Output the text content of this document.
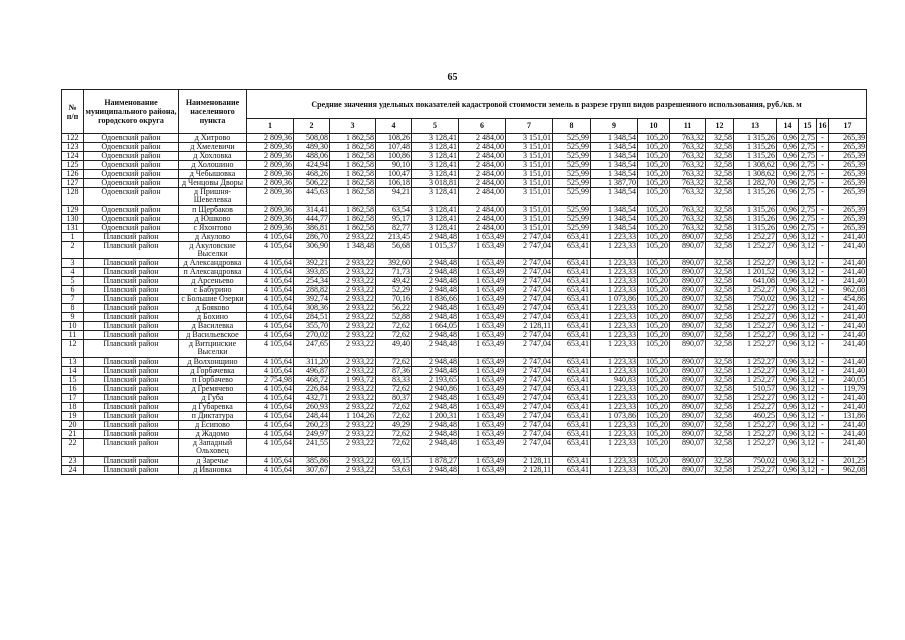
65
№
п/п	Наименование муниципального района, городского округа	Наименование населенного пункта	Средние значения удельных показателей кадастровой стоимости земель в разрезе групп видов разрешенного использования, руб./кв. м																
			1	2	3	4	5	6	7	8	9	10	11	12	13	14	15	16	17
122	Одоевский район	д Хитрово	2 809,36	508,08	1 862,58	108,26	3 128,41	2 484,00	3 151,01	525,99	1 348,54	105,20	763,32	32,58	1 315,26	0,96	2,75	-	265,39
123	Одоевский район	д Хмелевичи	2 809,36	489,30	1 862,58	107,48	3 128,41	2 484,00	3 151,01	525,99	1 348,54	105,20	763,32	32,58	1 315,26	0,96	2,75	-	265,39
124	Одоевский район	д Хохловка	2 809,36	488,06	1 862,58	100,86	3 128,41	2 484,00	3 151,01	525,99	1 348,54	105,20	763,32	32,58	1 315,26	0,96	2,75	-	265,39
125	Одоевский район	д Холошино	2 809,36	424,94	1 862,58	90,10	3 128,41	2 484,00	3 151,01	525,99	1 348,54	105,20	763,32	32,58	1 308,62	0,96	2,75	-	265,39
126	Одоевский район	д Чебышовка	2 809,36	468,26	1 862,58	100,47	3 128,41	2 484,00	3 151,01	525,99	1 348,54	105,20	763,32	32,58	1 308,62	0,96	2,75	-	265,39
127	Одоевский район	д Ченцовы Дворы	2 809,36	506,22	1 862,58	106,18	3 018,81	2 484,00	3 151,01	525,99	1 387,70	105,20	763,32	32,58	1 282,70	0,96	2,75	-	265,39
128	Одоевский район	д Пришня-Шевелевка	2 809,36	445,63	1 862,58	94,21	3 128,41	2 484,00	3 151,01	525,99	1 348,54	105,20	763,32	32,58	1 315,26	0,96	2,75	-	265,39
129	Одоевский район	п Щербаков	2 809,36	314,41	1 862,58	63,54	3 128,41	2 484,00	3 151,01	525,99	1 348,54	105,20	763,32	32,58	1 315,26	0,96	2,75	-	265,39
130	Одоевский район	д Юшково	2 809,36	444,77	1 862,58	95,17	3 128,41	2 484,00	3 151,01	525,99	1 348,54	105,20	763,32	32,58	1 315,26	0,96	2,75	-	265,39
131	Одоевский район	с Яхонтово	2 809,36	386,81	1 862,58	82,77	3 128,41	2 484,00	3 151,01	525,99	1 348,54	105,20	763,32	32,58	1 315,26	0,96	2,75	-	265,39
1	Плавский район	д Акулово	4 105,64	286,70	2 933,22	213,45	2 948,48	1 653,49	2 747,04	653,41	1 223,33	105,20	890,07	32,58	1 252,27	0,96	3,12	-	241,40
2	Плавский район	д Акуловские Выселки	4 105,64	306,90	1 348,48	56,68	1 015,37	1 653,49	2 747,04	653,41	1 223,33	105,20	890,07	32,58	1 252,27	0,96	3,12	-	241,40
3	Плавский район	д Александровка	4 105,64	392,21	2 933,22	392,60	2 948,48	1 653,49	2 747,04	653,41	1 223,33	105,20	890,07	32,58	1 252,27	0,96	3,12	-	241,40
4	Плавский район	п Александровка	4 105,64	393,85	2 933,22	71,73	2 948,48	1 653,49	2 747,04	653,41	1 223,33	105,20	890,07	32,58	1 201,52	0,96	3,12	-	241,40
5	Плавский район	д Арсеньево	4 105,64	254,34	2 933,22	49,42	2 948,48	1 653,49	2 747,04	653,41	1 223,33	105,20	890,07	32,58	641,08	0,96	3,12	-	241,40
6	Плавский район	с Бабурино	4 105,64	288,82	2 933,22	52,29	2 948,48	1 653,49	2 747,04	653,41	1 223,33	105,20	890,07	32,58	1 252,27	0,96	3,12	-	962,08
7	Плавский район	с Большие Озерки	4 105,64	392,74	2 933,22	70,16	1 836,66	1 653,49	2 747,04	653,41	1 073,86	105,20	890,07	32,58	750,02	0,96	3,12	-	454,86
8	Плавский район	д Бояково	4 105,64	308,36	2 933,22	56,22	2 948,48	1 653,49	2 747,04	653,41	1 223,33	105,20	890,07	32,58	1 252,27	0,96	3,12	-	241,40
9	Плавский район	д Бохино	4 105,64	284,51	2 933,22	52,88	2 948,48	1 653,49	2 747,04	653,41	1 223,33	105,20	890,07	32,58	1 252,27	0,96	3,12	-	241,40
10	Плавский район	д Василевка	4 105,64	355,70	2 933,22	72,62	1 664,05	1 653,49	2 128,11	653,41	1 223,33	105,20	890,07	32,58	1 252,27	0,96	3,12	-	241,40
11	Плавский район	д Васильевское	4 105,64	270,02	2 933,22	72,62	2 948,48	1 653,49	2 747,04	653,41	1 223,33	105,20	890,07	32,58	1 252,27	0,96	3,12	-	241,40
12	Плавский район	д Витцинские Выселки	4 105,64	247,65	2 933,22	49,40	2 948,48	1 653,49	2 747,04	653,41	1 223,33	105,20	890,07	32,58	1 252,27	0,96	3,12	-	241,40
13	Плавский район	д Волхонщино	4 105,64	311,20	2 933,22	72,62	2 948,48	1 653,49	2 747,04	653,41	1 223,33	105,20	890,07	32,58	1 252,27	0,96	3,12	-	241,40
14	Плавский район	д Горбачевка	4 105,64	496,87	2 933,22	87,36	2 948,48	1 653,49	2 747,04	653,41	1 223,33	105,20	890,07	32,58	1 252,27	0,96	3,12	-	241,40
15	Плавский район	п Горбачево	2 754,98	468,72	1 993,72	83,33	2 193,65	1 653,49	2 747,04	653,41	940,83	105,20	890,07	32,58	1 252,27	0,96	3,12	-	240,05
16	Плавский район	д Гремячево	4 105,64	226,84	2 933,22	72,62	2 940,86	1 653,49	2 747,04	653,41	1 223,33	105,20	890,07	32,58	510,57	0,96	3,12	-	119,79
17	Плавский район	д Губа	4 105,64	432,71	2 933,22	80,37	2 948,48	1 653,49	2 747,04	653,41	1 223,33	105,20	890,07	32,58	1 252,27	0,96	3,12	-	241,40
18	Плавский район	д Губаревка	4 105,64	260,93	2 933,22	72,62	2 948,48	1 653,49	2 747,04	653,41	1 223,33	105,20	890,07	32,58	1 252,27	0,96	3,12	-	241,40
19	Плавский район	п Диктатура	4 105,64	248,44	1 104,26	72,62	1 200,31	1 653,49	2 747,04	653,41	1 073,86	105,20	890,07	32,58	460,25	0,96	3,12	-	131,86
20	Плавский район	д Есипово	4 105,64	260,23	2 933,22	49,29	2 948,48	1 653,49	2 747,04	653,41	1 223,33	105,20	890,07	32,58	1 252,27	0,96	3,12	-	241,40
21	Плавский район	д Жадомо	4 105,64	249,97	2 933,22	72,62	2 948,48	1 653,49	2 747,04	653,41	1 223,33	105,20	890,07	32,58	1 252,27	0,96	3,12	-	241,40
22	Плавский район	д Западный Ольховец	4 105,64	241,55	2 933,22	72,62	2 948,48	1 653,49	2 747,04	653,41	1 223,33	105,20	890,07	32,58	1 252,27	0,96	3,12	-	241,40
23	Плавский район	д Заречье	4 105,64	385,86	2 933,22	69,15	1 878,27	1 653,49	2 128,11	653,41	1 223,33	105,20	890,07	32,58	750,02	0,96	3,12	-	201,25
24	Плавский район	д Ивановка	4 105,64	307,67	2 933,22	53,63	2 948,48	1 653,49	2 128,11	653,41	1 223,33	105,20	890,07	32,58	1 252,27	0,96	3,12	-	962,08
